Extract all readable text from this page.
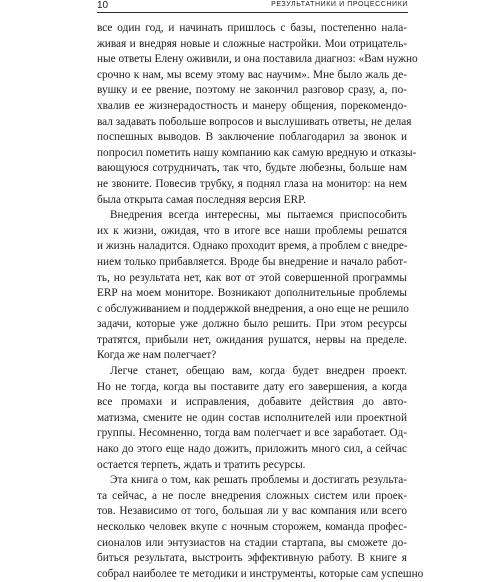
10	РЕЗУЛЬТАТНИКИ И ПРОЦЕССНИКИ
все один год, и начинать пришлось с базы, постепенно нала-
живая и внедряя новые и сложные настройки. Мои отрицатель-
ные ответы Елену оживили, и она поставила диагноз: «Вам нужно
срочно к нам, мы всему этому вас научим». Мне было жаль де-
вушку и ее рвение, поэтому не закончил разговор сразу, а, по-
хвалив ее жизнерадостность и манеру общения, порекомендо-
вал задавать побольше вопросов и выслушивать ответы, не делая
поспешных выводов. В заключение поблагодарил за звонок и
попросил пометить нашу компанию как самую вредную и отказы-
вающуюся сотрудничать, так что, будьте любезны, больше нам
не звоните. Повесив трубку, я поднял глаза на монитор: на нем
была открыта самая последняя версия ERP.
Внедрения всегда интересны, мы пытаемся приспособить
их к жизни, ожидая, что в итоге все наши проблемы решатся
и жизнь наладится. Однако проходит время, а проблем с внедре-
нием только прибавляется. Вроде бы внедрение и начало работ-
ть, но результата нет, как вот от этой совершенной программы
ERP на моем мониторе. Возникают дополнительные проблемы
с обслуживанием и поддержкой внедрения, а оно еще не решило
задачи, которые уже должно было решить. При этом ресурсы
тратятся, прибыли нет, ожидания рушатся, нервы на пределе.
Когда же нам полегчает?
Легче станет, обещаю вам, когда будет внедрен проект.
Но не тогда, когда вы поставите дату его завершения, а когда
все промахи и исправления, добавите действия до авто-
матизма, смените не один состав исполнителей или проектной
группы. Несомненно, тогда вам полегчает и все заработает. Од-
нако до этого еще надо дожить, приложить много сил, а сейчас
остается терпеть, ждать и тратить ресурсы.
Эта книга о том, как решать проблемы и достигать результа-
та сейчас, а не после внедрения сложных систем или проек-
тов. Независимо от того, большая ли у вас компания или всего
несколько человек вкупе с ночным сторожем, команда профес-
сионалов или энтузиастов на стадии стартапа, вы сможете до-
биться результата, выстроить эффективную работу. В книге я
собрал наиболее те методики и инструменты, которые сам успешно
